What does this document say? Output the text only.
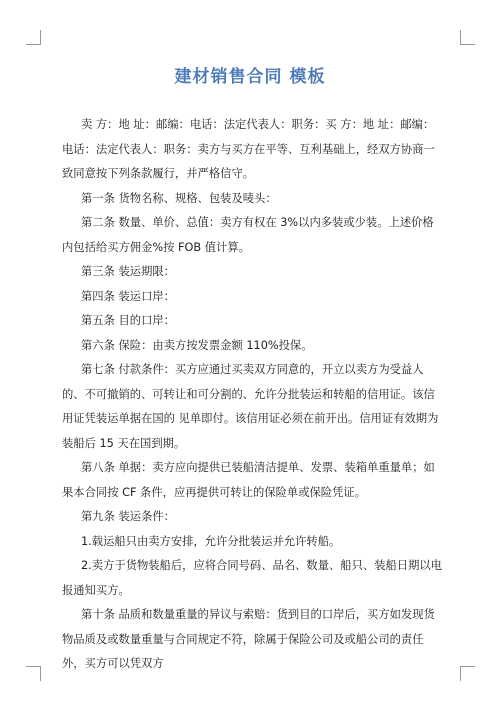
建材销售合同 模板

卖 方：地 址：邮编：电话：法定代表人：职务：买 方：地 址：邮编：电话：法定代表人：职务：卖方与买方在平等、互利基础上，经双方协商一致同意按下列条款履行，并严格信守。

第一条 货物名称、规格、包装及唛头：

第二条 数量、单价、总值：卖方有权在 3%以内多装或少装。上述价格内包括给买方佣金%按 FOB 值计算。

第三条 装运期限：

第四条 装运口岸：

第五条 目的口岸：

第六条 保险：由卖方按发票金额 110%投保。

第七条 付款条件：买方应通过买卖双方同意的，开立以卖方为受益人的、不可撤销的、可转让和可分割的、允许分批装运和转船的信用证。该信用证凭装运单据在国的 见单即付。该信用证必须在前开出。信用证有效期为装船后 15 天在国到期。

第八条 单据：卖方应向提供已装船清洁提单、发票、装箱单重量单；如果本合同按 CF 条件，应再提供可转让的保险单或保险凭证。

第九条 装运条件：

1.载运船只由卖方安排，允许分批装运并允许转船。

2.卖方于货物装船后，应将合同号码、品名、数量、船只、装船日期以电报通知买方。

第十条 品质和数量重量的异议与索赔：货到目的口岸后，买方如发现货物品质及或数量重量与合同规定不符，除属于保险公司及或船公司的责任外，买方可以凭双方
